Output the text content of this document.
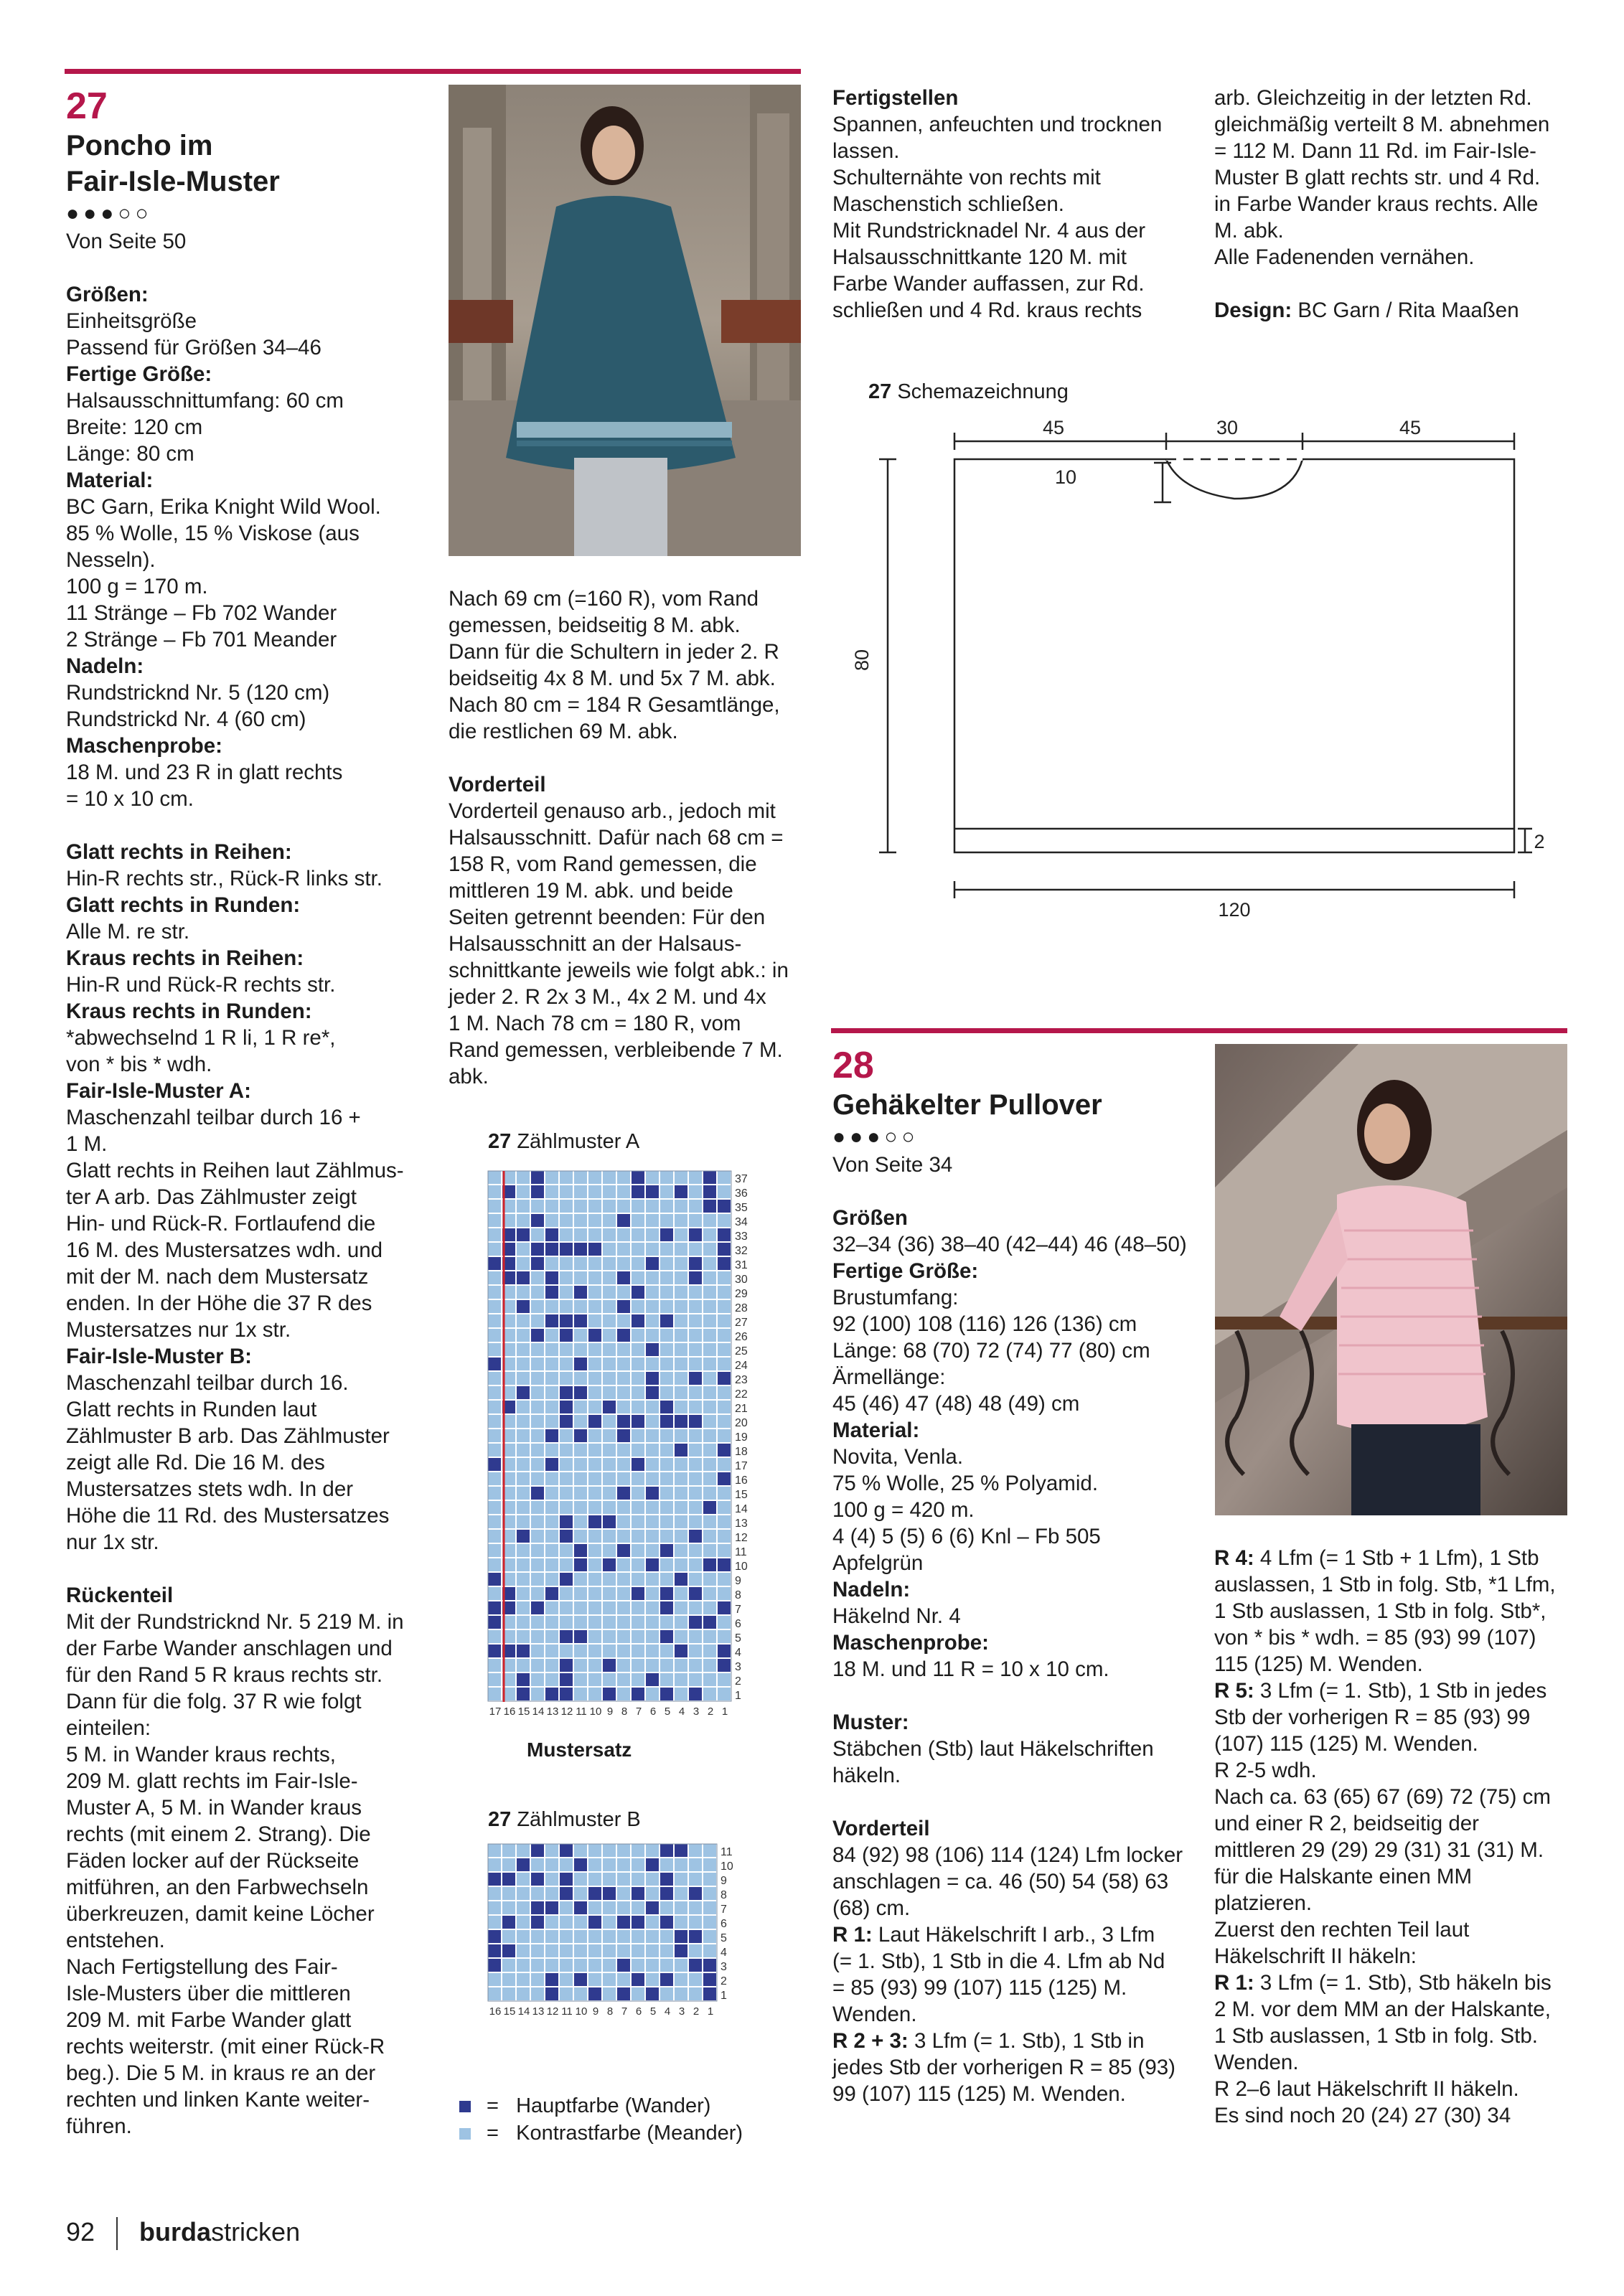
27

Poncho im

Fair-Isle-Muster

●●●○○

Von Seite 50

Größen:

Einheitsgröße

Passend für Größen 34–46

Fertige Größe:

Halsausschnittumfang: 60 cm

Breite: 120 cm

Länge: 80 cm

Material:

BC Garn, Erika Knight Wild Wool.

85 % Wolle, 15 % Viskose (aus

Nesseln).

100 g = 170 m.

11 Stränge – Fb 702 Wander

2 Stränge – Fb 701 Meander

Nadeln:

Rundstricknd Nr. 5 (120 cm)

Rundstrickd Nr. 4 (60 cm)

Maschenprobe:

18 M. und 23 R in glatt rechts

= 10 x 10 cm.

Glatt rechts in Reihen:

Hin-R rechts str., Rück-R links str.

Glatt rechts in Runden:

Alle M. re str.

Kraus rechts in Reihen:

Hin-R und Rück-R rechts str.

Kraus rechts in Runden:

*abwechselnd 1 R li, 1 R re*,

von * bis * wdh.

Fair-Isle-Muster A:

Maschenzahl teilbar durch 16 +

1 M.

Glatt rechts in Reihen laut Zählmus-

ter A arb. Das Zählmuster zeigt

Hin- und Rück-R. Fortlaufend die

16 M. des Mustersatzes wdh. und

mit der M. nach dem Mustersatz

enden. In der Höhe die 37 R des

Mustersatzes nur 1x str.

Fair-Isle-Muster B:

Maschenzahl teilbar durch 16.

Glatt rechts in Runden laut

Zählmuster B arb. Das Zählmuster

zeigt alle Rd. Die 16 M. des

Mustersatzes stets wdh. In der

Höhe die 11 Rd. des Mustersatzes

nur 1x str.

Rückenteil

Mit der Rundstricknd Nr. 5 219 M. in

der Farbe Wander anschlagen und

für den Rand 5 R kraus rechts str.

Dann für die folg. 37 R wie folgt

einteilen:

5 M. in Wander kraus rechts,

209 M. glatt rechts im Fair-Isle-

Muster A, 5 M. in Wander kraus

rechts (mit einem 2. Strang). Die

Fäden locker auf der Rückseite

mitführen, an den Farbwechseln

überkreuzen, damit keine Löcher

entstehen.

Nach Fertigstellung des Fair-

Isle-Musters über die mittleren

209 M. mit Farbe Wander glatt

rechts weiterstr. (mit einer Rück-R

beg.). Die 5 M. in kraus re an der

rechten und linken Kante weiter-

führen.

Nach 69 cm (=160 R), vom Rand

gemessen, beidseitig 8 M. abk.

Dann für die Schultern in jeder 2. R

beidseitig 4x 8 M. und 5x 7 M. abk.

Nach 80 cm = 184 R Gesamtlänge,

die restlichen 69 M. abk.

Vorderteil

Vorderteil genauso arb., jedoch mit

Halsausschnitt. Dafür nach 68 cm =

158 R, vom Rand gemessen, die

mittleren 19 M. abk. und beide

Seiten getrennt beenden: Für den

Halsausschnitt an der Halsaus-

schnittkante jeweils wie folgt abk.: in

jeder 2. R 2x 3 M., 4x 2 M. und 4x

1 M. Nach 78 cm = 180 R, vom

Rand gemessen, verbleibende 7 M.

abk.

27 Zählmuster A
37
36
35
34
33
32
31
30
29
28
27
26
25
24
23
22
21
20
19
18
17
16
15
14
13
12
11
10
9
8
7
6
5
4
3
2
1
17 16 15 14 13 12 11 10 9 8 7 6 5 4 3 2 1
Mustersatz
27 Zählmuster B
11
10
9
8
7
6
5
4
3
2
1
16 15 14 13 12 11 10 9 8 7 6 5 4 3 2 1
= Hauptfarbe (Wander)
= Kontrastfarbe (Meander)

Fertigstellen

Spannen, anfeuchten und trocknen

lassen.

Schulternähte von rechts mit

Maschenstich schließen.

Mit Rundstricknadel Nr. 4 aus der

Halsausschnittkante 120 M. mit

Farbe Wander auffassen, zur Rd.

schließen und 4 Rd. kraus rechts

arb. Gleichzeitig in der letzten Rd.

gleichmäßig verteilt 8 M. abnehmen

= 112 M. Dann 11 Rd. im Fair-Isle-

Muster B glatt rechts str. und 4 Rd.

in Farbe Wander kraus rechts. Alle

M. abk.

Alle Fadenenden vernähen.

Design: BC Garn / Rita Maaßen

27 Schemazeichnung
45	30	45
10
80
2
120

28

Gehäkelter Pullover

●●●○○

Von Seite 34

Größen

32–34 (36) 38–40 (42–44) 46 (48–50)

Fertige Größe:

Brustumfang:

92 (100) 108 (116) 126 (136) cm

Länge: 68 (70) 72 (74) 77 (80) cm

Ärmellänge:

45 (46) 47 (48) 48 (49) cm

Material:

Novita, Venla.

75 % Wolle, 25 % Polyamid.

100 g = 420 m.

4 (4) 5 (5) 6 (6) Knl – Fb 505

Apfelgrün

Nadeln:

Häkelnd Nr. 4

Maschenprobe:

18 M. und 11 R = 10 x 10 cm.

Muster:

Stäbchen (Stb) laut Häkelschriften

häkeln.

Vorderteil

84 (92) 98 (106) 114 (124) Lfm locker

anschlagen = ca. 46 (50) 54 (58) 63

(68) cm.

R 1: Laut Häkelschrift I arb., 3 Lfm

(= 1. Stb), 1 Stb in die 4. Lfm ab Nd

= 85 (93) 99 (107) 115 (125) M.

Wenden.

R 2 + 3: 3 Lfm (= 1. Stb), 1 Stb in

jedes Stb der vorherigen R = 85 (93)

99 (107) 115 (125) M. Wenden.

R 4: 4 Lfm (= 1 Stb + 1 Lfm), 1 Stb

auslassen, 1 Stb in folg. Stb, *1 Lfm,

1 Stb auslassen, 1 Stb in folg. Stb*,

von * bis * wdh. = 85 (93) 99 (107)

115 (125) M. Wenden.

R 5: 3 Lfm (= 1. Stb), 1 Stb in jedes

Stb der vorherigen R = 85 (93) 99

(107) 115 (125) M. Wenden.

R 2-5 wdh.

Nach ca. 63 (65) 67 (69) 72 (75) cm

und einer R 2, beidseitig der

mittleren 29 (29) 29 (31) 31 (31) M.

für die Halskante einen MM

platzieren.

Zuerst den rechten Teil laut

Häkelschrift II häkeln:

R 1: 3 Lfm (= 1. Stb), Stb häkeln bis

2 M. vor dem MM an der Halskante,

1 Stb auslassen, 1 Stb in folg. Stb.

Wenden.

R 2–6 laut Häkelschrift II häkeln.

Es sind noch 20 (24) 27 (30) 34

92 burdastricken
